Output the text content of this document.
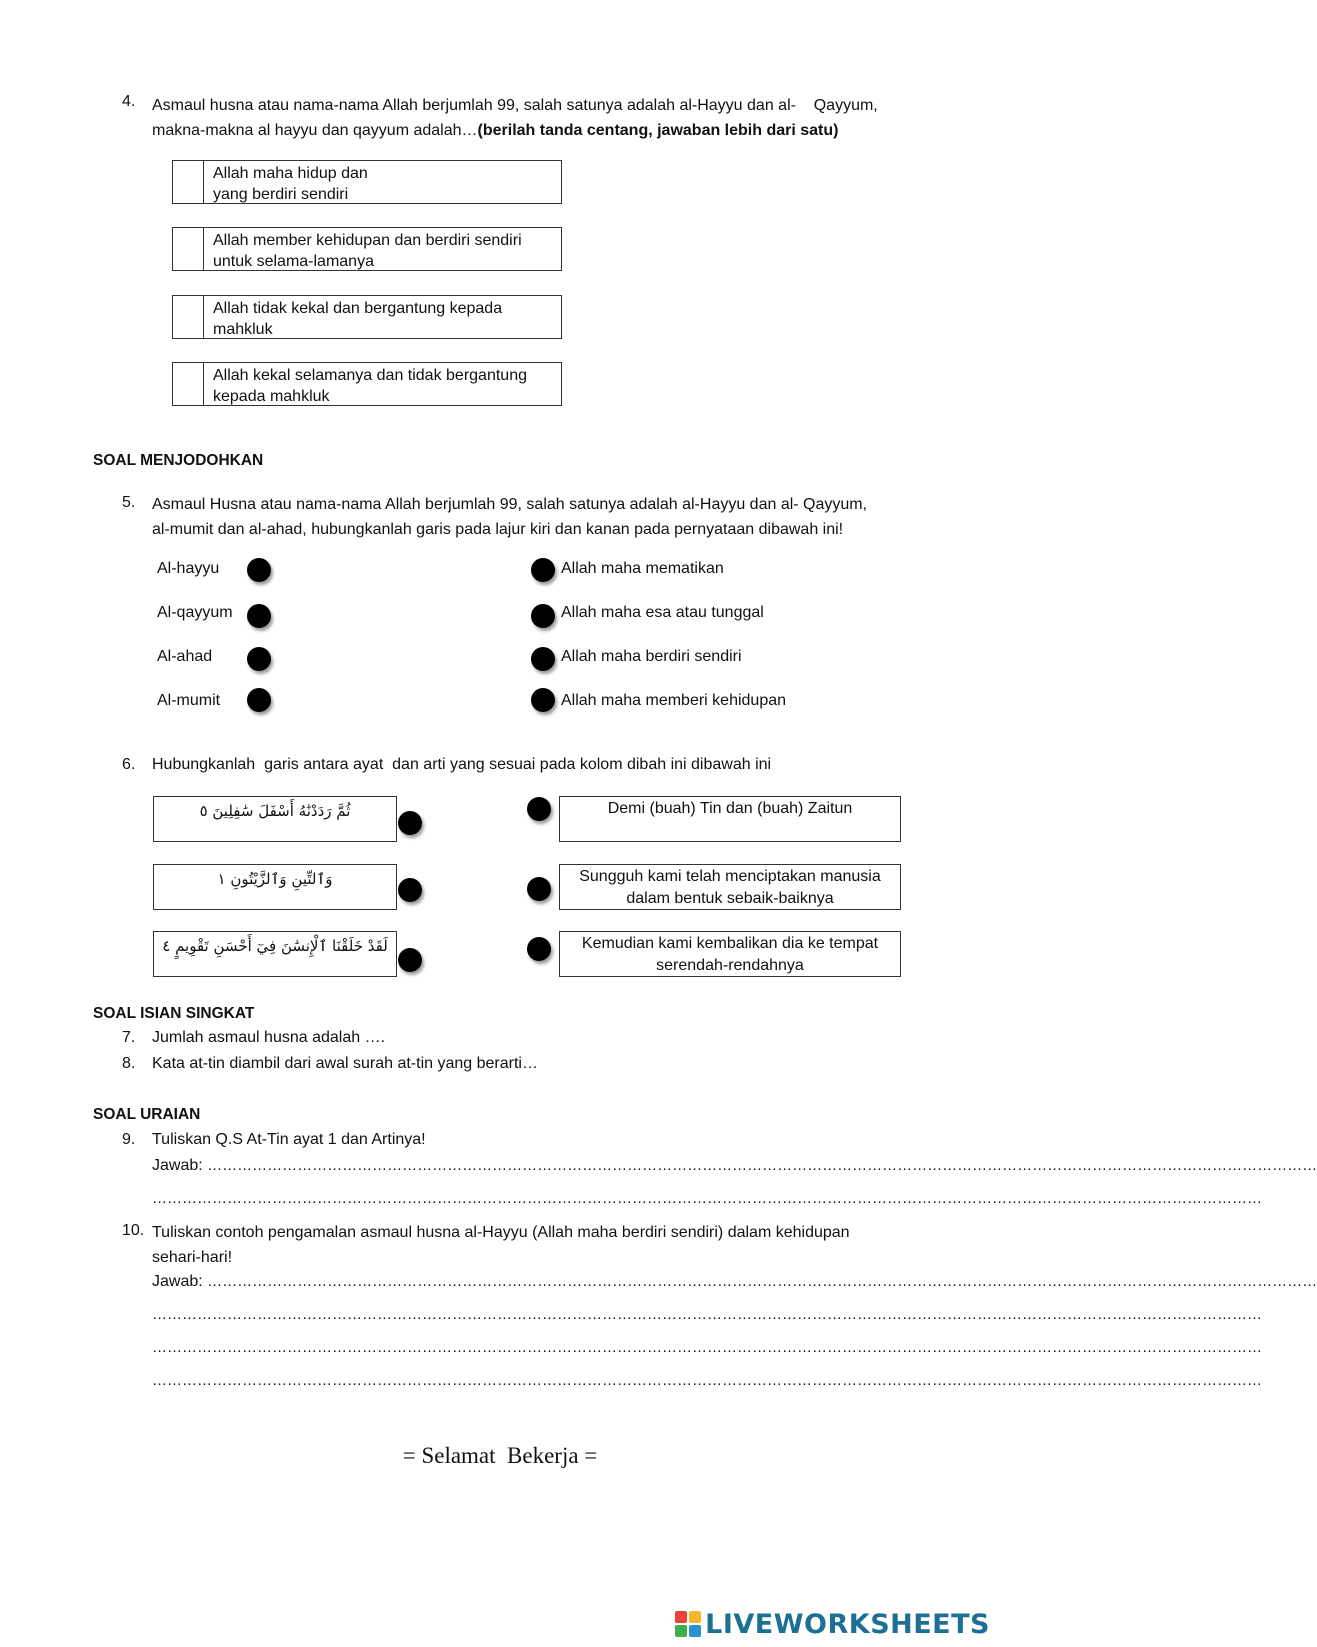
4. Asmaul husna atau nama-nama Allah berjumlah 99, salah satunya adalah al-Hayyu dan al-    Qayyum,
makna-makna al hayyu dan qayyum adalah…(berilah tanda centang, jawaban lebih dari satu)
Allah maha hidup dan
yang berdiri sendiri
Allah member kehidupan dan berdiri sendiri
untuk selama-lamanya
Allah tidak kekal dan bergantung kepada
mahkluk
Allah kekal selamanya dan tidak bergantung
kepada mahkluk
SOAL MENJODOHKAN
5. Asmaul Husna atau nama-nama Allah berjumlah 99, salah satunya adalah al-Hayyu dan al- Qayyum,
al-mumit dan al-ahad, hubungkanlah garis pada lajur kiri dan kanan pada pernyataan dibawah ini!
Al-hayyu
Al-qayyum
Al-ahad
Al-mumit
Allah maha mematikan
Allah maha esa atau tunggal
Allah maha berdiri sendiri
Allah maha memberi kehidupan
6. Hubungkanlah  garis antara ayat  dan arti yang sesuai pada kolom dibah ini dibawah ini
ثُمَّ رَدَدْنَٰهُ أَسْفَلَ سَٰفِلِينَ ٥
وَٱلتِّينِ وَٱلزَّيْتُونِ ١
لَقَدْ خَلَقْنَا ٱلْإِنسَٰنَ فِيٓ أَحْسَنِ تَقْوِيمٍ ٤
Demi (buah) Tin dan (buah) Zaitun
Sungguh kami telah menciptakan manusia
dalam bentuk sebaik-baiknya
Kemudian kami kembalikan dia ke tempat
serendah-rendahnya
SOAL ISIAN SINGKAT
7. Jumlah asmaul husna adalah ….
8. Kata at-tin diambil dari awal surah at-tin yang berarti…
SOAL URAIAN
9. Tuliskan Q.S At-Tin ayat 1 dan Artinya!
Jawab: ……………………………………………………………………………………………………………………………………………………………………………………………………
……………………………………………………………………………………………………………………………………………………………………………………………………
10. Tuliskan contoh pengamalan asmaul husna al-Hayyu (Allah maha berdiri sendiri) dalam kehidupan
sehari-hari!
Jawab: ……………………………………………………………………………………………………………………………………………………………………………………………………
……………………………………………………………………………………………………………………………………………………………………………………………………
……………………………………………………………………………………………………………………………………………………………………………………………………
……………………………………………………………………………………………………………………………………………………………………………………………………
= Selamat  Bekerja =
LIVEWORKSHEETS
